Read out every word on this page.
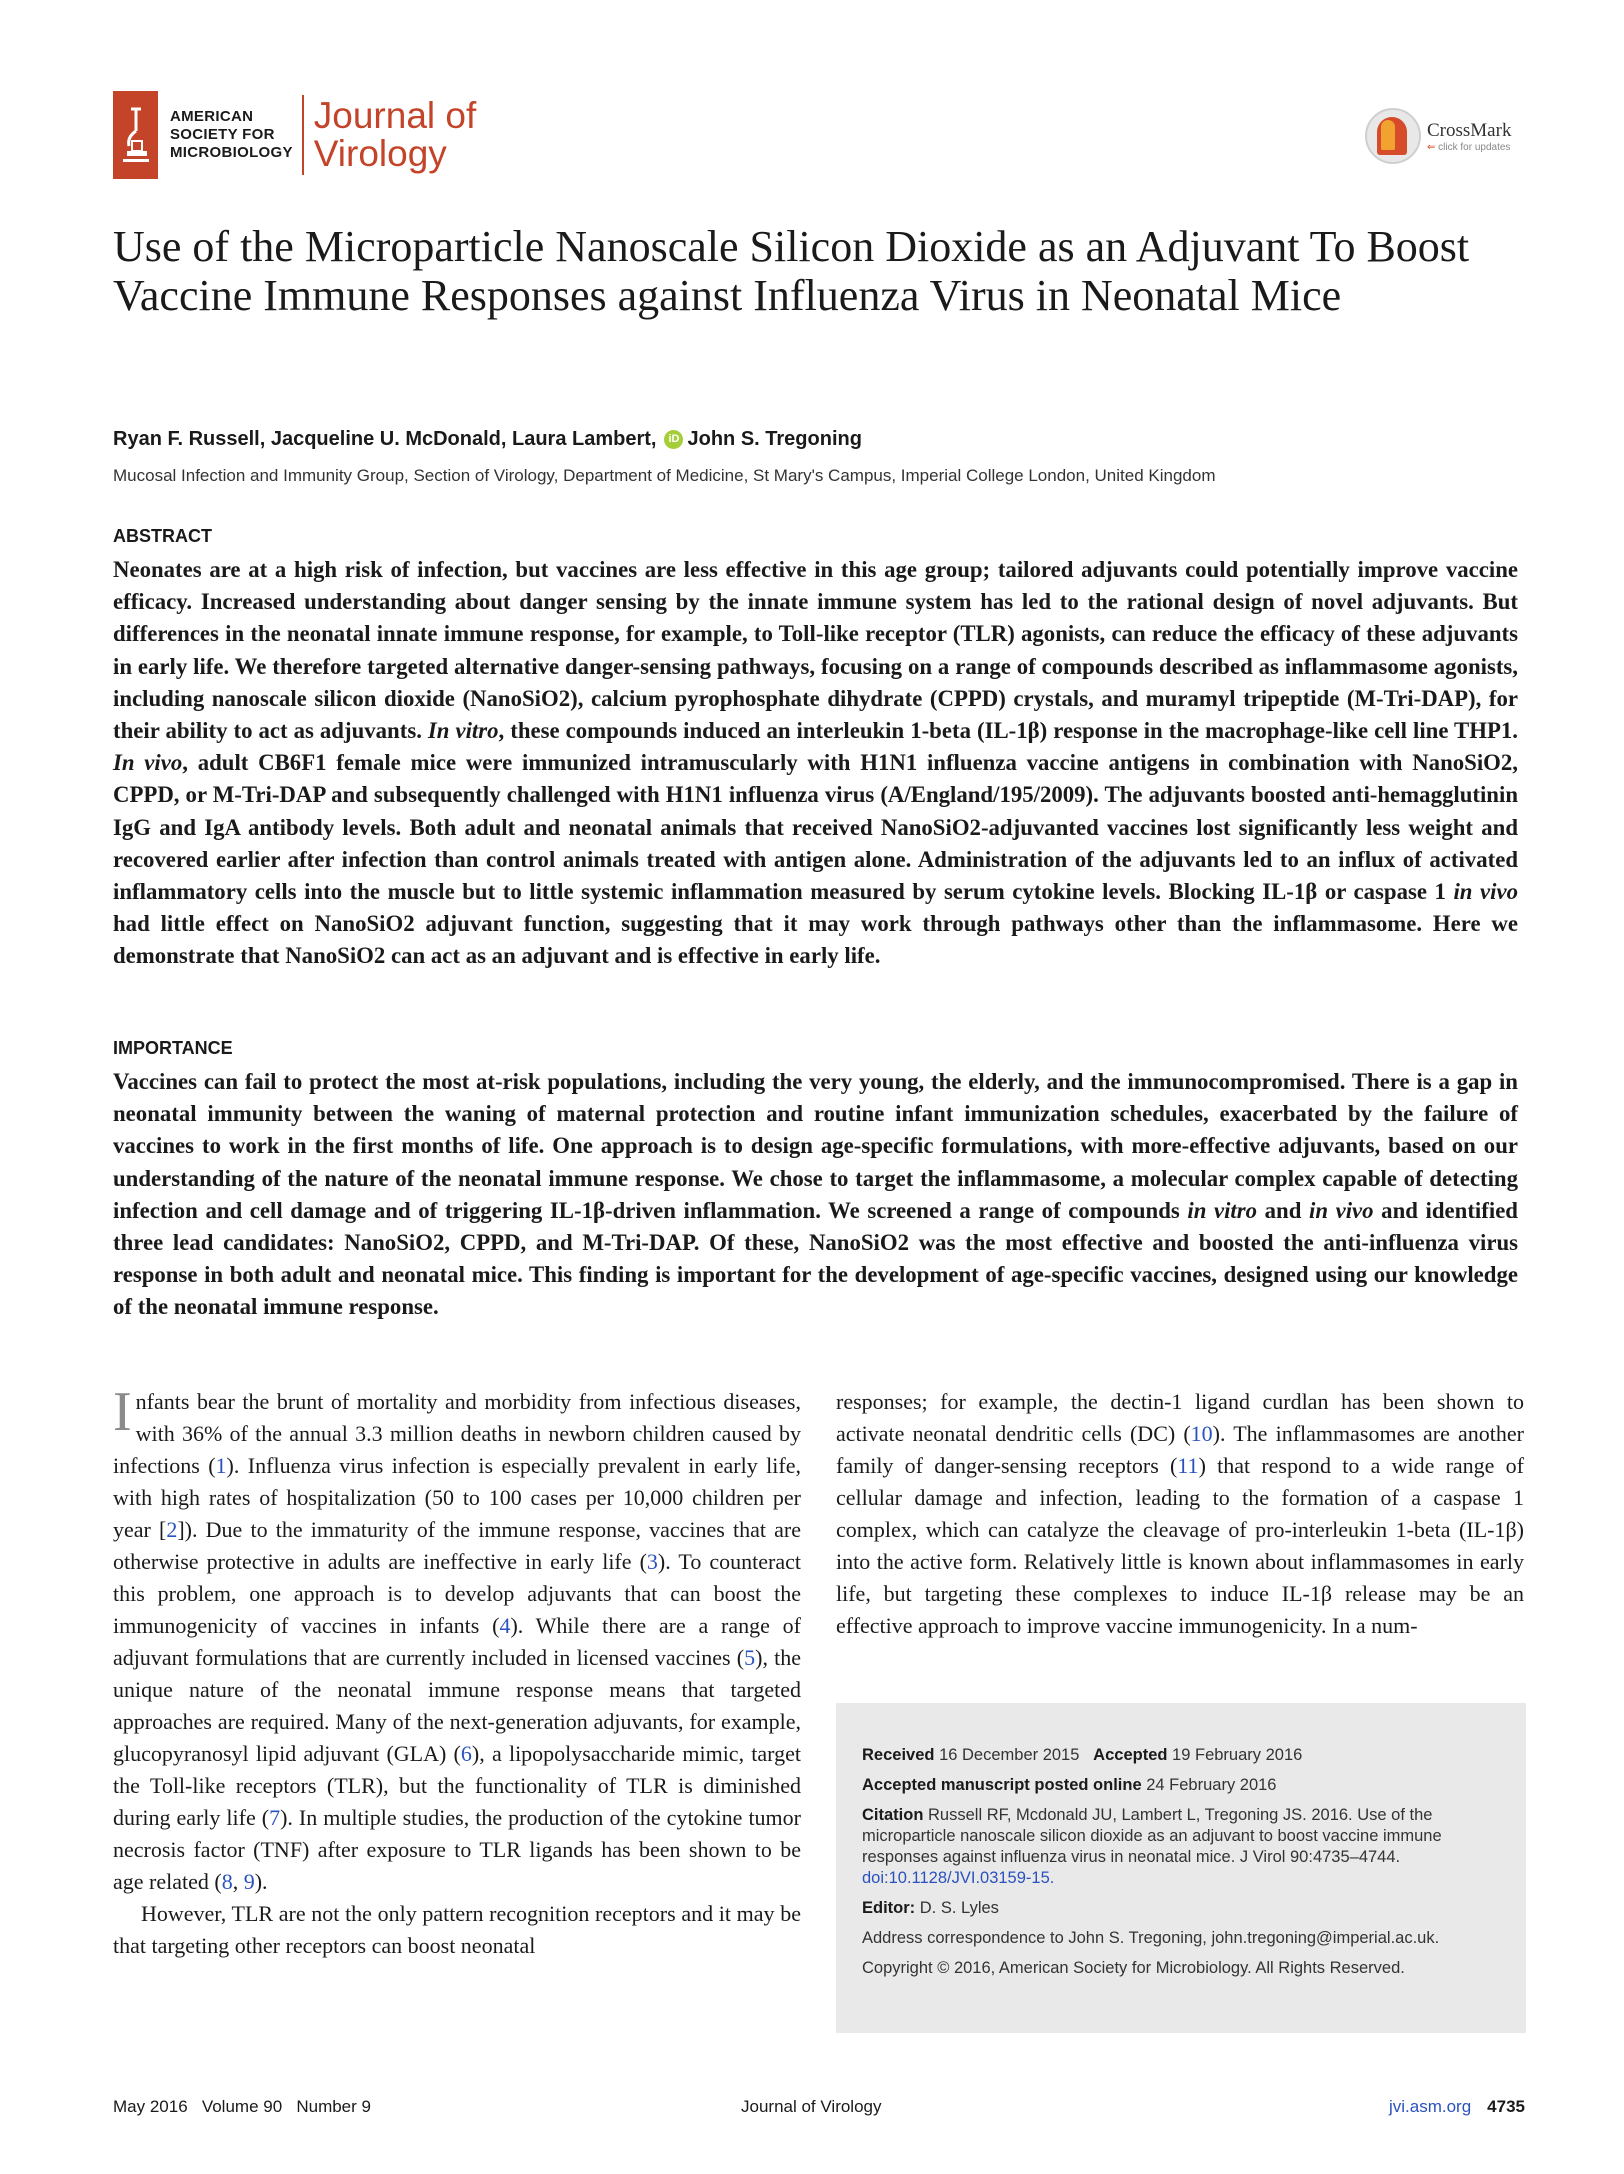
AMERICAN
SOCIETY FOR
MICROBIOLOGY
Journal of
Virology
CrossMark
⇐ click for updates
Use of the Microparticle Nanoscale Silicon Dioxide as an Adjuvant To Boost Vaccine Immune Responses against Influenza Virus in Neonatal Mice
Ryan F. Russell, Jacqueline U. McDonald, Laura Lambert,	iD John S. Tregoning
Mucosal Infection and Immunity Group, Section of Virology, Department of Medicine, St Mary's Campus, Imperial College London, United Kingdom
ABSTRACT
Neonates are at a high risk of infection, but vaccines are less effective in this age group; tailored adjuvants could potentially improve vaccine efficacy. Increased understanding about danger sensing by the innate immune system has led to the rational design of novel adjuvants. But differences in the neonatal innate immune response, for example, to Toll-like receptor (TLR) agonists, can reduce the efficacy of these adjuvants in early life. We therefore targeted alternative danger-sensing pathways, focusing on a range of compounds described as inflammasome agonists, including nanoscale silicon dioxide (NanoSiO2), calcium pyrophosphate dihydrate (CPPD) crystals, and muramyl tripeptide (M-Tri-DAP), for their ability to act as adjuvants. In vitro, these compounds induced an interleukin 1-beta (IL-1β) response in the macrophage-like cell line THP1. In vivo, adult CB6F1 female mice were immunized intramuscularly with H1N1 influenza vaccine antigens in combination with NanoSiO2, CPPD, or M-Tri-DAP and subsequently challenged with H1N1 influenza virus (A/England/195/2009). The adjuvants boosted anti-hemagglutinin IgG and IgA antibody levels. Both adult and neonatal animals that received NanoSiO2-adjuvanted vaccines lost significantly less weight and recovered earlier after infection than control animals treated with antigen alone. Administration of the adjuvants led to an influx of activated inflammatory cells into the muscle but to little systemic inflammation measured by serum cytokine levels. Blocking IL-1β or caspase 1 in vivo had little effect on NanoSiO2 adjuvant function, suggesting that it may work through pathways other than the inflammasome. Here we demonstrate that NanoSiO2 can act as an adjuvant and is effective in early life.
IMPORTANCE
Vaccines can fail to protect the most at-risk populations, including the very young, the elderly, and the immunocompromised. There is a gap in neonatal immunity between the waning of maternal protection and routine infant immunization schedules, exacerbated by the failure of vaccines to work in the first months of life. One approach is to design age-specific formulations, with more-effective adjuvants, based on our understanding of the nature of the neonatal immune response. We chose to target the inflammasome, a molecular complex capable of detecting infection and cell damage and of triggering IL-1β-driven inflammation. We screened a range of compounds in vitro and in vivo and identified three lead candidates: NanoSiO2, CPPD, and M-Tri-DAP. Of these, NanoSiO2 was the most effective and boosted the anti-influenza virus response in both adult and neonatal mice. This finding is important for the development of age-specific vaccines, designed using our knowledge of the neonatal immune response.

Infants bear the brunt of mortality and morbidity from infectious diseases, with 36% of the annual 3.3 million deaths in newborn children caused by infections (1). Influenza virus infection is especially prevalent in early life, with high rates of hospitalization (50 to 100 cases per 10,000 children per year [2]). Due to the immaturity of the immune response, vaccines that are otherwise protective in adults are ineffective in early life (3). To counteract this problem, one approach is to develop adjuvants that can boost the immunogenicity of vaccines in infants (4). While there are a range of adjuvant formulations that are currently included in licensed vaccines (5), the unique nature of the neonatal immune response means that targeted approaches are required. Many of the next-generation adjuvants, for example, glucopyranosyl lipid adjuvant (GLA) (6), a lipopolysaccharide mimic, target the Toll-like receptors (TLR), but the functionality of TLR is diminished during early life (7). In multiple studies, the production of the cytokine tumor necrosis factor (TNF) after exposure to TLR ligands has been shown to be age related (8, 9).

However, TLR are not the only pattern recognition receptors and it may be that targeting other receptors can boost neonatal

responses; for example, the dectin-1 ligand curdlan has been shown to activate neonatal dendritic cells (DC) (10). The inflammasomes are another family of danger-sensing receptors (11) that respond to a wide range of cellular damage and infection, leading to the formation of a caspase 1 complex, which can catalyze the cleavage of pro-interleukin 1-beta (IL-1β) into the active form. Relatively little is known about inflammasomes in early life, but targeting these complexes to induce IL-1β release may be an effective approach to improve vaccine immunogenicity. In a num-

Received 16 December 2015 Accepted 19 February 2016
Accepted manuscript posted online 24 February 2016
Citation Russell RF, Mcdonald JU, Lambert L, Tregoning JS. 2016. Use of the microparticle nanoscale silicon dioxide as an adjuvant to boost vaccine immune responses against influenza virus in neonatal mice. J Virol 90:4735–4744.
doi:10.1128/JVI.03159-15.
Editor: D. S. Lyles
Address correspondence to John S. Tregoning, john.tregoning@imperial.ac.uk.
Copyright © 2016, American Society for Microbiology. All Rights Reserved.
May 2016   Volume 90   Number 9	Journal of Virology	jvi.asm.org 4735
